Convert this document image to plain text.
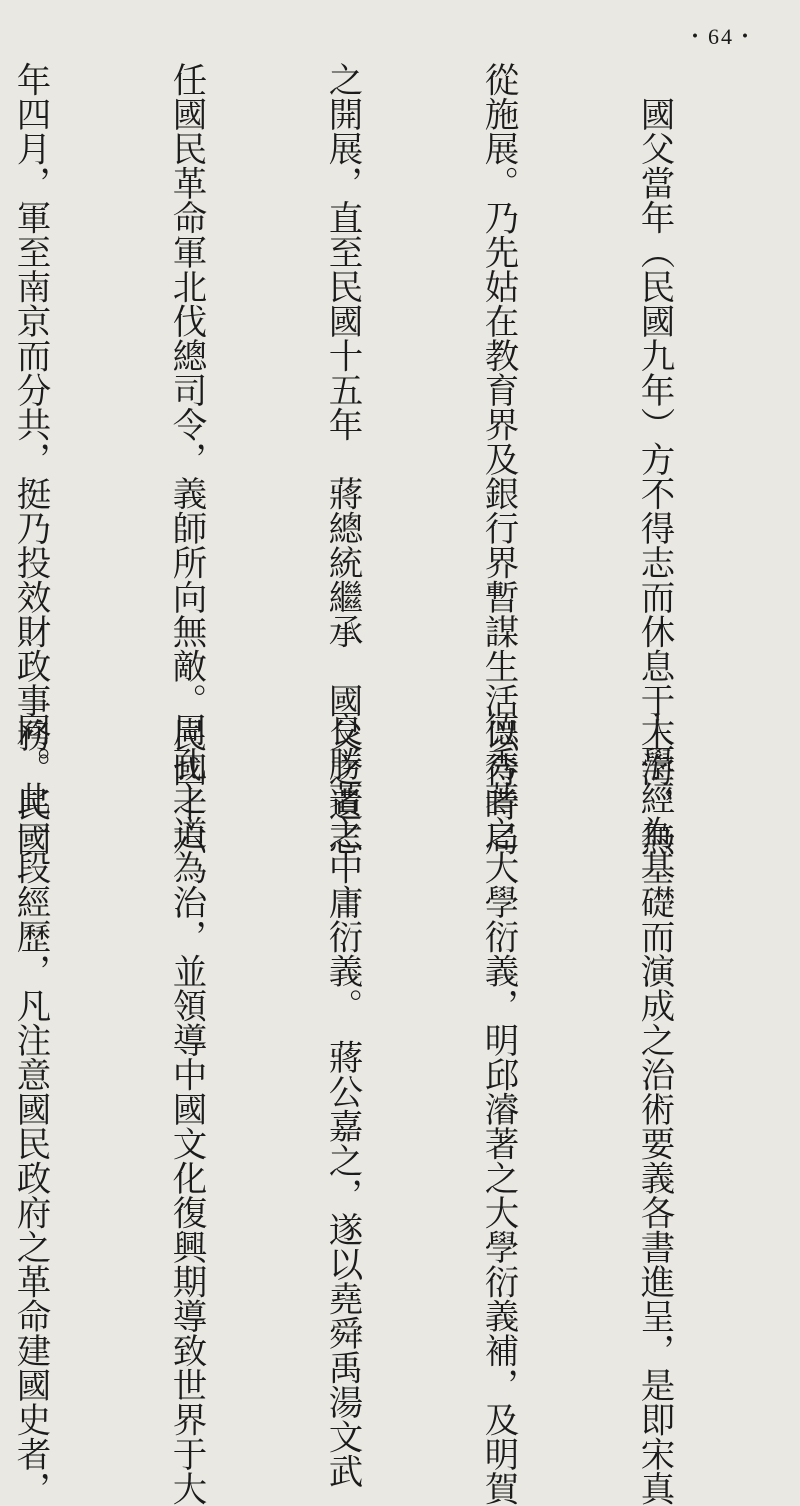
・64・

　國父當年（民國九年）方不得志而休息于上海，無

從施展。乃先姑在教育界及銀行界暫謀生活以待時局

之開展，直至民國十五年　蔣總統繼承　國父之遺志

任國民革命軍北伐總司令，義師所向無敵。民國十六

年四月，軍至南京而分共，挺乃投效財政事務。民國

大學經為基礎而演成之治術要義各書進呈，是即宋真

德秀著之大學衍義，明邱濬著之大學衍義補，及明賀

良勝著之中庸衍義。　蔣公嘉之，遂以堯舜禹湯文武

周孔之道為治，並領導中國文化復興期導致世界于大

同。此一段經歷，凡注意國民政府之革命建國史者，
